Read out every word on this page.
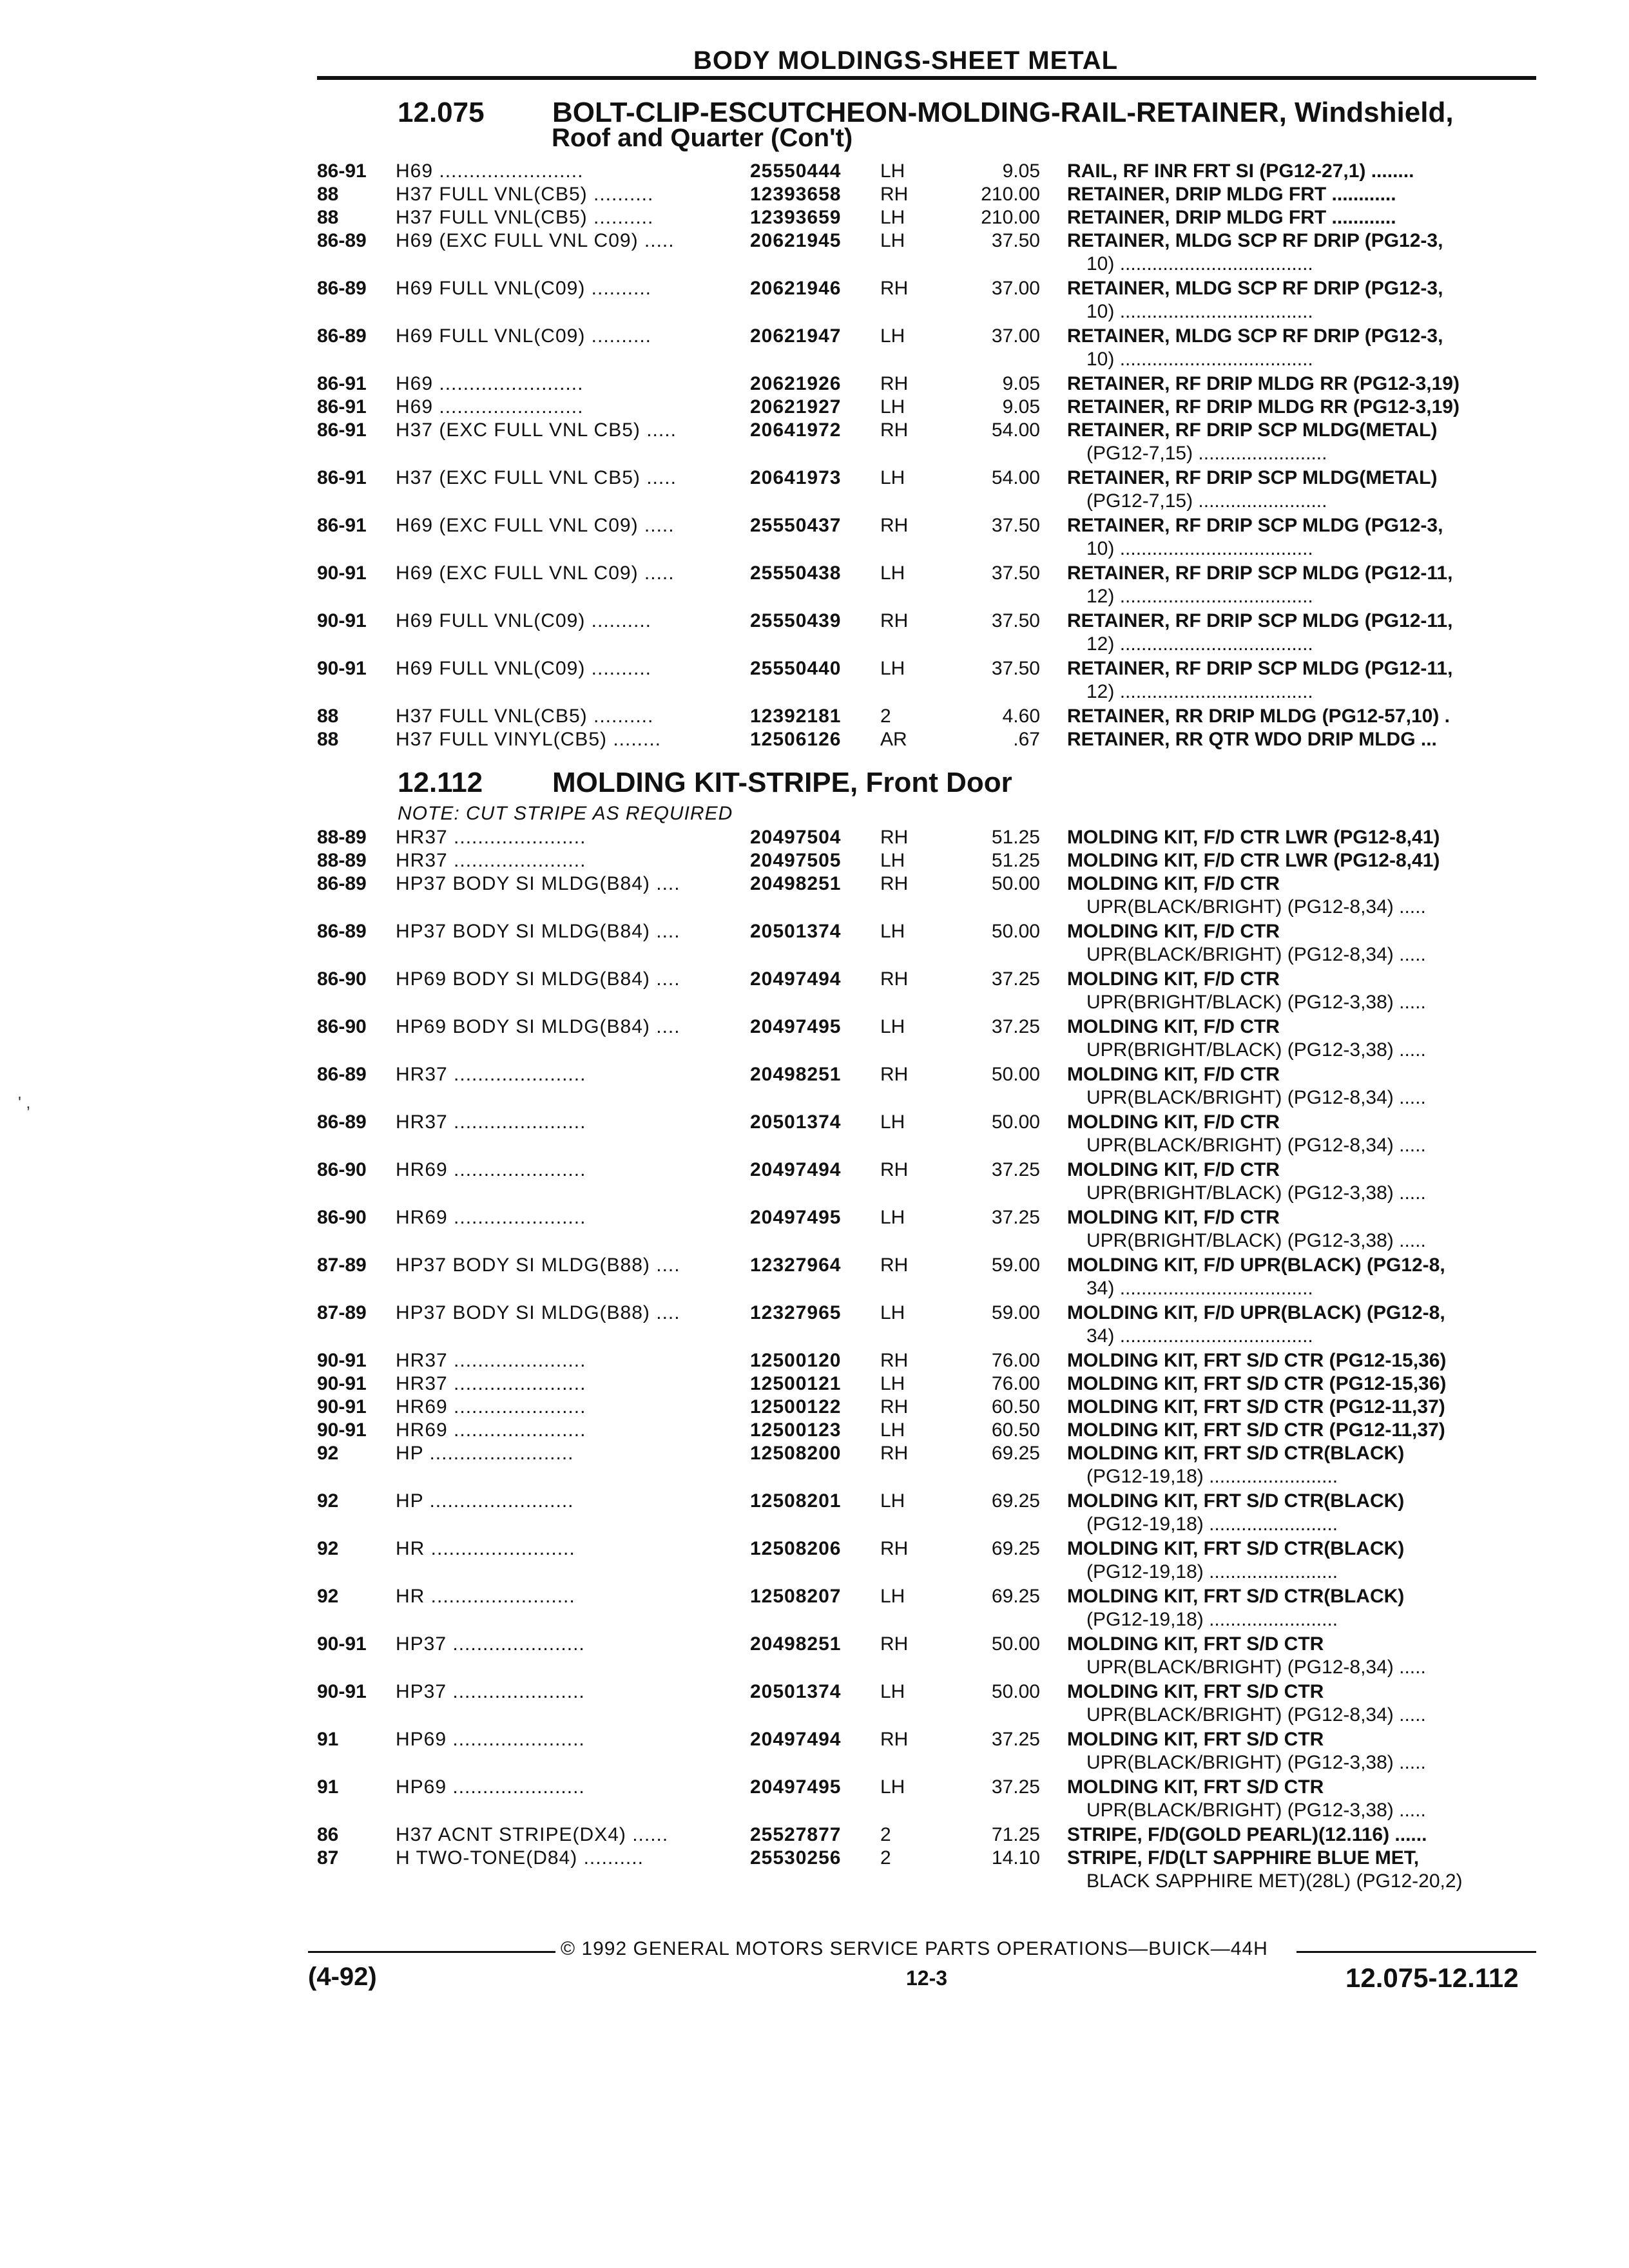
BODY MOLDINGS-SHEET METAL
12.075 BOLT-CLIP-ESCUTCHEON-MOLDING-RAIL-RETAINER, Windshield,
Roof and Quarter (Con't)
86-91 H69 ........................	25550444 LH	9.05 RAIL, RF INR FRT SI (PG12-27,1) ........
88	H37 FULL VNL(CB5) ..........	12393658 RH	210.00 RETAINER, DRIP MLDG FRT ............
88	H37 FULL VNL(CB5) ..........	12393659 LH	210.00 RETAINER, DRIP MLDG FRT ............
86-89 H69 (EXC FULL VNL C09) .....	20621945 LH	37.50 RETAINER, MLDG SCP RF DRIP (PG12-3,
10) ....................................
86-89 H69 FULL VNL(C09) ..........	20621946 RH	37.00 RETAINER, MLDG SCP RF DRIP (PG12-3,
10) ....................................
86-89 H69 FULL VNL(C09) ..........	20621947 LH	37.00 RETAINER, MLDG SCP RF DRIP (PG12-3,
10) ....................................
86-91 H69 ........................	20621926 RH	9.05 RETAINER, RF DRIP MLDG RR (PG12-3,19)
86-91 H69 ........................	20621927 LH	9.05 RETAINER, RF DRIP MLDG RR (PG12-3,19)
86-91 H37 (EXC FULL VNL CB5) .....	20641972 RH	54.00 RETAINER, RF DRIP SCP MLDG(METAL)
(PG12-7,15) ........................
86-91 H37 (EXC FULL VNL CB5) .....	20641973 LH	54.00 RETAINER, RF DRIP SCP MLDG(METAL)
(PG12-7,15) ........................
86-91 H69 (EXC FULL VNL C09) .....	25550437 RH	37.50 RETAINER, RF DRIP SCP MLDG (PG12-3,
10) ....................................
90-91 H69 (EXC FULL VNL C09) .....	25550438 LH	37.50 RETAINER, RF DRIP SCP MLDG (PG12-11,
12) ....................................
90-91 H69 FULL VNL(C09) ..........	25550439 RH	37.50 RETAINER, RF DRIP SCP MLDG (PG12-11,
12) ....................................
90-91 H69 FULL VNL(C09) ..........	25550440 LH	37.50 RETAINER, RF DRIP SCP MLDG (PG12-11,
12) ....................................
88	H37 FULL VNL(CB5) ..........	12392181 2	4.60 RETAINER, RR DRIP MLDG (PG12-57,10) .
88	H37 FULL VINYL(CB5) ........	12506126 AR	.67 RETAINER, RR QTR WDO DRIP MLDG ...
12.112 MOLDING KIT-STRIPE, Front Door
NOTE: CUT STRIPE AS REQUIRED
88-89 HR37 ......................	20497504 RH	51.25 MOLDING KIT, F/D CTR LWR (PG12-8,41)
88-89 HR37 ......................	20497505 LH	51.25 MOLDING KIT, F/D CTR LWR (PG12-8,41)
86-89 HP37 BODY SI MLDG(B84) ....	20498251 RH	50.00 MOLDING KIT, F/D CTR
UPR(BLACK/BRIGHT) (PG12-8,34) .....
86-89 HP37 BODY SI MLDG(B84) ....	20501374 LH	50.00 MOLDING KIT, F/D CTR
UPR(BLACK/BRIGHT) (PG12-8,34) .....
86-90 HP69 BODY SI MLDG(B84) ....	20497494 RH	37.25 MOLDING KIT, F/D CTR
UPR(BRIGHT/BLACK) (PG12-3,38) .....
86-90 HP69 BODY SI MLDG(B84) ....	20497495 LH	37.25 MOLDING KIT, F/D CTR
UPR(BRIGHT/BLACK) (PG12-3,38) .....
86-89 HR37 ......................	20498251 RH	50.00 MOLDING KIT, F/D CTR
UPR(BLACK/BRIGHT) (PG12-8,34) .....
86-89 HR37 ......................	20501374 LH	50.00 MOLDING KIT, F/D CTR
UPR(BLACK/BRIGHT) (PG12-8,34) .....
86-90 HR69 ......................	20497494 RH	37.25 MOLDING KIT, F/D CTR
UPR(BRIGHT/BLACK) (PG12-3,38) .....
86-90 HR69 ......................	20497495 LH	37.25 MOLDING KIT, F/D CTR
UPR(BRIGHT/BLACK) (PG12-3,38) .....
87-89 HP37 BODY SI MLDG(B88) ....	12327964 RH	59.00 MOLDING KIT, F/D UPR(BLACK) (PG12-8,
34) ....................................
87-89 HP37 BODY SI MLDG(B88) ....	12327965 LH	59.00 MOLDING KIT, F/D UPR(BLACK) (PG12-8,
34) ....................................
90-91 HR37 ......................	12500120 RH	76.00 MOLDING KIT, FRT S/D CTR (PG12-15,36)
90-91 HR37 ......................	12500121 LH	76.00 MOLDING KIT, FRT S/D CTR (PG12-15,36)
90-91 HR69 ......................	12500122 RH	60.50 MOLDING KIT, FRT S/D CTR (PG12-11,37)
90-91 HR69 ......................	12500123 LH	60.50 MOLDING KIT, FRT S/D CTR (PG12-11,37)
92	HP ........................	12508200 RH	69.25 MOLDING KIT, FRT S/D CTR(BLACK)
(PG12-19,18) ........................
92	HP ........................	12508201 LH	69.25 MOLDING KIT, FRT S/D CTR(BLACK)
(PG12-19,18) ........................
92	HR ........................	12508206 RH	69.25 MOLDING KIT, FRT S/D CTR(BLACK)
(PG12-19,18) ........................
92	HR ........................	12508207 LH	69.25 MOLDING KIT, FRT S/D CTR(BLACK)
(PG12-19,18) ........................
90-91 HP37 ......................	20498251 RH	50.00 MOLDING KIT, FRT S/D CTR
UPR(BLACK/BRIGHT) (PG12-8,34) .....
90-91 HP37 ......................	20501374 LH	50.00 MOLDING KIT, FRT S/D CTR
UPR(BLACK/BRIGHT) (PG12-8,34) .....
91	HP69 ......................	20497494 RH	37.25 MOLDING KIT, FRT S/D CTR
UPR(BLACK/BRIGHT) (PG12-3,38) .....
91	HP69 ......................	20497495 LH	37.25 MOLDING KIT, FRT S/D CTR
UPR(BLACK/BRIGHT) (PG12-3,38) .....
86	H37 ACNT STRIPE(DX4) ......	25527877 2	71.25 STRIPE, F/D(GOLD PEARL)(12.116) ......
87	H TWO-TONE(D84) ..........	25530256 2	14.10 STRIPE, F/D(LT SAPPHIRE BLUE MET,
BLACK SAPPHIRE MET)(28L) (PG12-20,2)
' ,
© 1992 GENERAL MOTORS SERVICE PARTS OPERATIONS—BUICK—44H
(4-92)	12-3	12.075-12.112
